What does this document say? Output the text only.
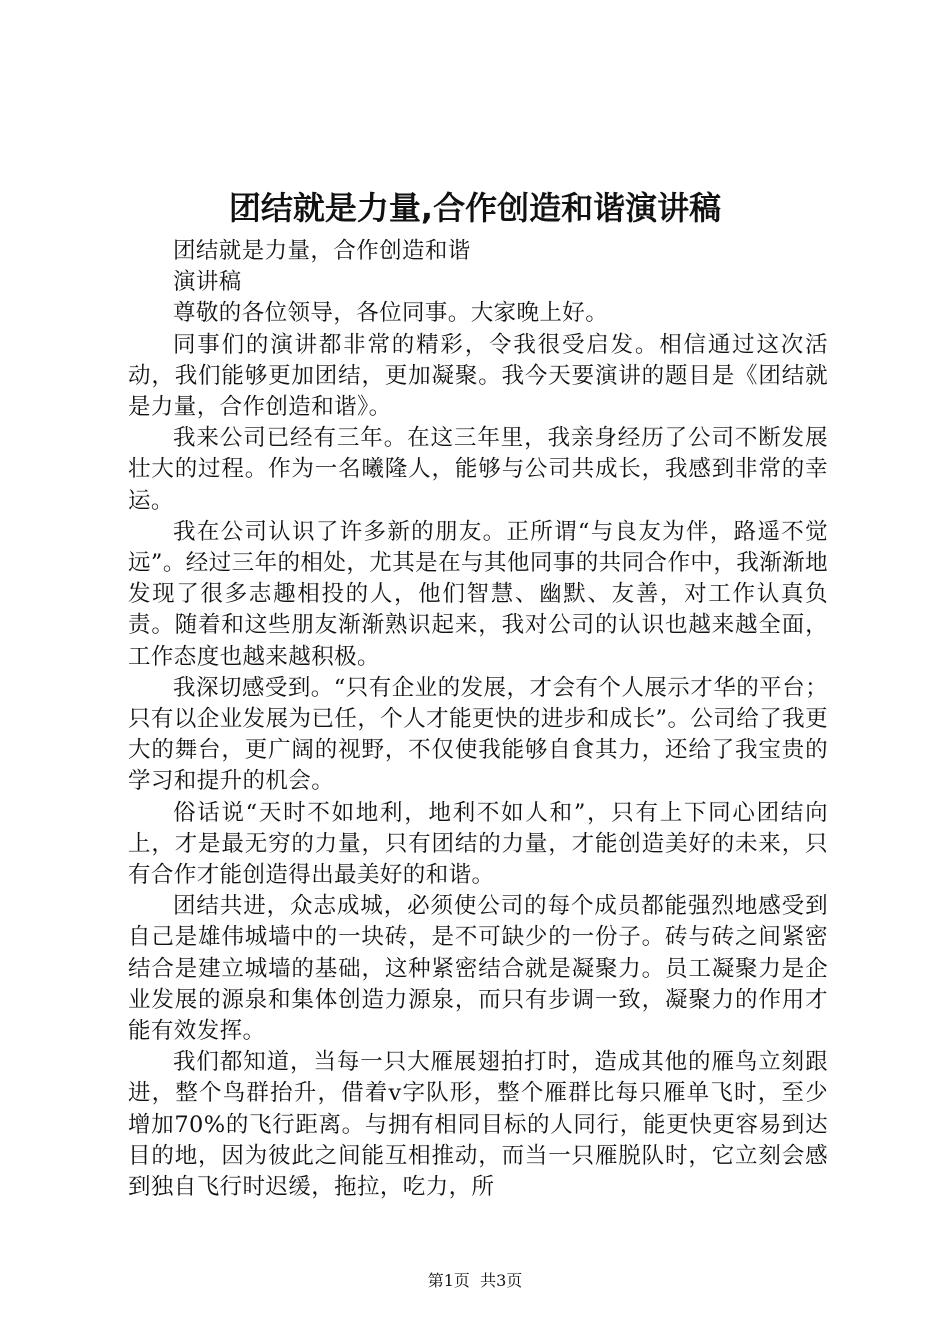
团结就是力量,合作创造和谐演讲稿

团结就是力量，合作创造和谐

演讲稿

尊敬的各位领导，各位同事。大家晚上好。

同事们的演讲都非常的精彩，令我很受启发。相信通过这次活动，我们能够更加团结，更加凝聚。我今天要演讲的题目是《团结就是力量，合作创造和谐》。

我来公司已经有三年。在这三年里，我亲身经历了公司不断发展壮大的过程。作为一名曦隆人，能够与公司共成长，我感到非常的幸运。

我在公司认识了许多新的朋友。正所谓“与良友为伴，路遥不觉远”。经过三年的相处，尤其是在与其他同事的共同合作中，我渐渐地发现了很多志趣相投的人，他们智慧、幽默、友善，对工作认真负责。随着和这些朋友渐渐熟识起来，我对公司的认识也越来越全面，工作态度也越来越积极。

我深切感受到。“只有企业的发展，才会有个人展示才华的平台；只有以企业发展为已任，个人才能更快的进步和成长”。公司给了我更大的舞台，更广阔的视野，不仅使我能够自食其力，还给了我宝贵的学习和提升的机会。

俗话说“天时不如地利，地利不如人和”，只有上下同心团结向上，才是最无穷的力量，只有团结的力量，才能创造美好的未来，只有合作才能创造得出最美好的和谐。

团结共进，众志成城，必须使公司的每个成员都能强烈地感受到自己是雄伟城墙中的一块砖，是不可缺少的一份子。砖与砖之间紧密结合是建立城墙的基础，这种紧密结合就是凝聚力。员工凝聚力是企业发展的源泉和集体创造力源泉，而只有步调一致，凝聚力的作用才能有效发挥。

我们都知道，当每一只大雁展翅拍打时，造成其他的雁鸟立刻跟进，整个鸟群抬升，借着v字队形，整个雁群比每只雁单飞时，至少增加70%的飞行距离。与拥有相同目标的人同行，能更快更容易到达目的地，因为彼此之间能互相推动，而当一只雁脱队时，它立刻会感到独自飞行时迟缓，拖拉，吃力，所

第1页 共3页
